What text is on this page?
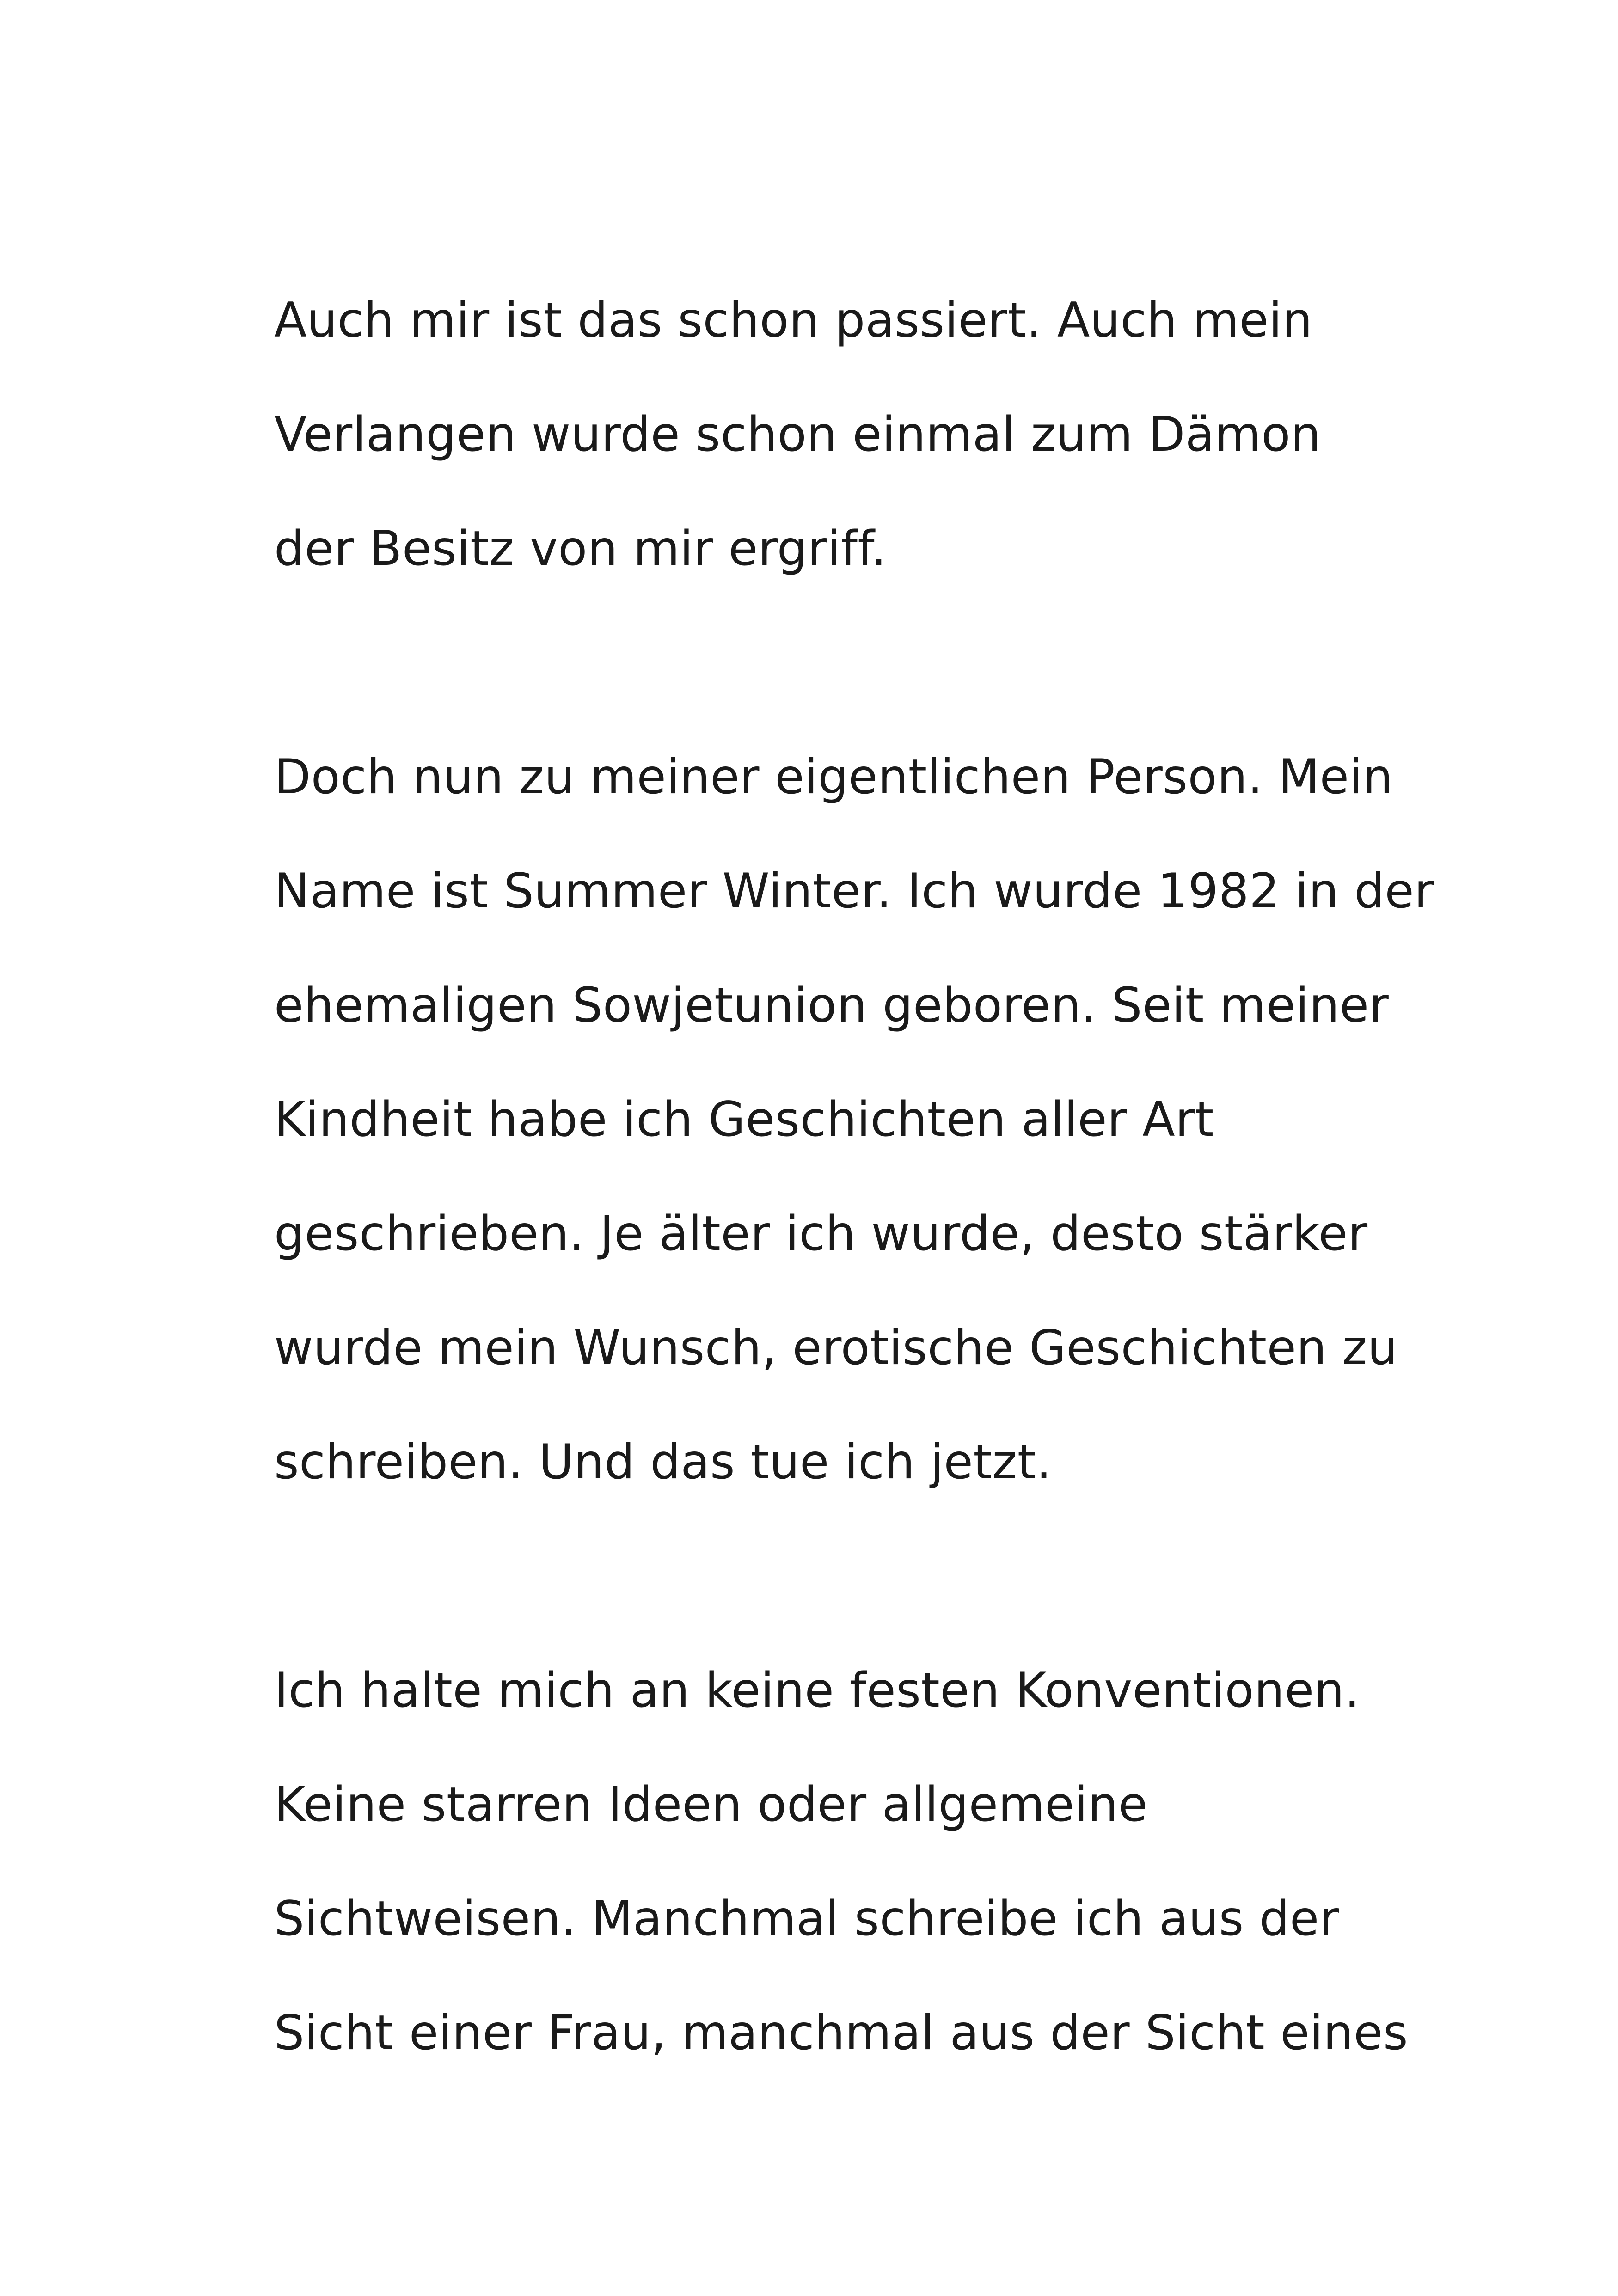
Auch mir ist das schon passiert. Auch mein
Verlangen wurde schon einmal zum Dämon
der Besitz von mir ergriff.

Doch nun zu meiner eigentlichen Person. Mein
Name ist Summer Winter. Ich wurde 1982 in der
ehemaligen Sowjetunion geboren. Seit meiner
Kindheit habe ich Geschichten aller Art
geschrieben. Je älter ich wurde, desto stärker
wurde mein Wunsch, erotische Geschichten zu
schreiben. Und das tue ich jetzt.

Ich halte mich an keine festen Konventionen.
Keine starren Ideen oder allgemeine
Sichtweisen. Manchmal schreibe ich aus der
Sicht einer Frau, manchmal aus der Sicht eines
